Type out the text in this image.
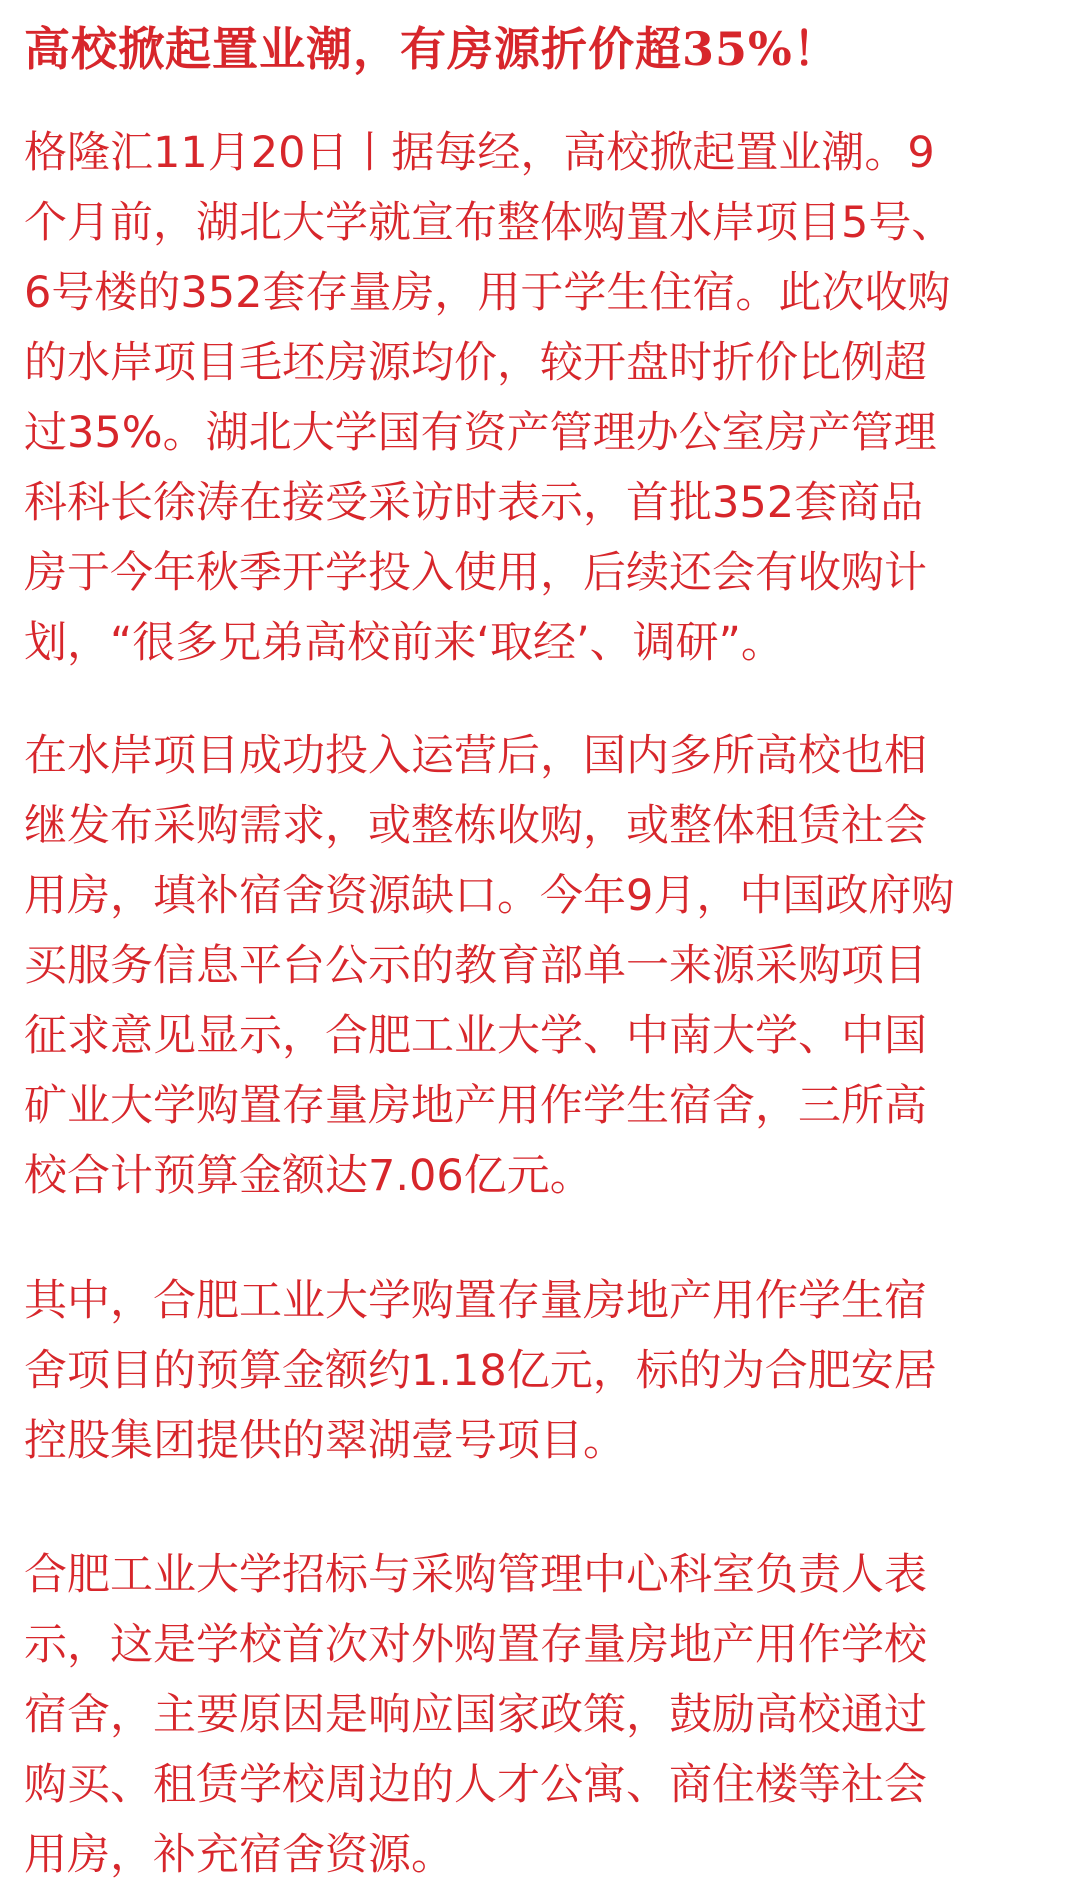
高校掀起置业潮，有房源折价超35%！

格隆汇11月20日丨据每经，高校掀起置业潮。9
个月前，湖北大学就宣布整体购置水岸项目5号、
6号楼的352套存量房，用于学生住宿。此次收购
的水岸项目毛坯房源均价，较开盘时折价比例超
过35%。湖北大学国有资产管理办公室房产管理
科科长徐涛在接受采访时表示，首批352套商品
房于今年秋季开学投入使用，后续还会有收购计
划，“很多兄弟高校前来‘取经’、调研”。

在水岸项目成功投入运营后，国内多所高校也相
继发布采购需求，或整栋收购，或整体租赁社会
用房，填补宿舍资源缺口。今年9月，中国政府购
买服务信息平台公示的教育部单一来源采购项目
征求意见显示，合肥工业大学、中南大学、中国
矿业大学购置存量房地产用作学生宿舍，三所高
校合计预算金额达7.06亿元。

其中，合肥工业大学购置存量房地产用作学生宿
舍项目的预算金额约1.18亿元，标的为合肥安居
控股集团提供的翠湖壹号项目。

合肥工业大学招标与采购管理中心科室负责人表
示，这是学校首次对外购置存量房地产用作学校
宿舍，主要原因是响应国家政策，鼓励高校通过
购买、租赁学校周边的人才公寓、商住楼等社会
用房，补充宿舍资源。
